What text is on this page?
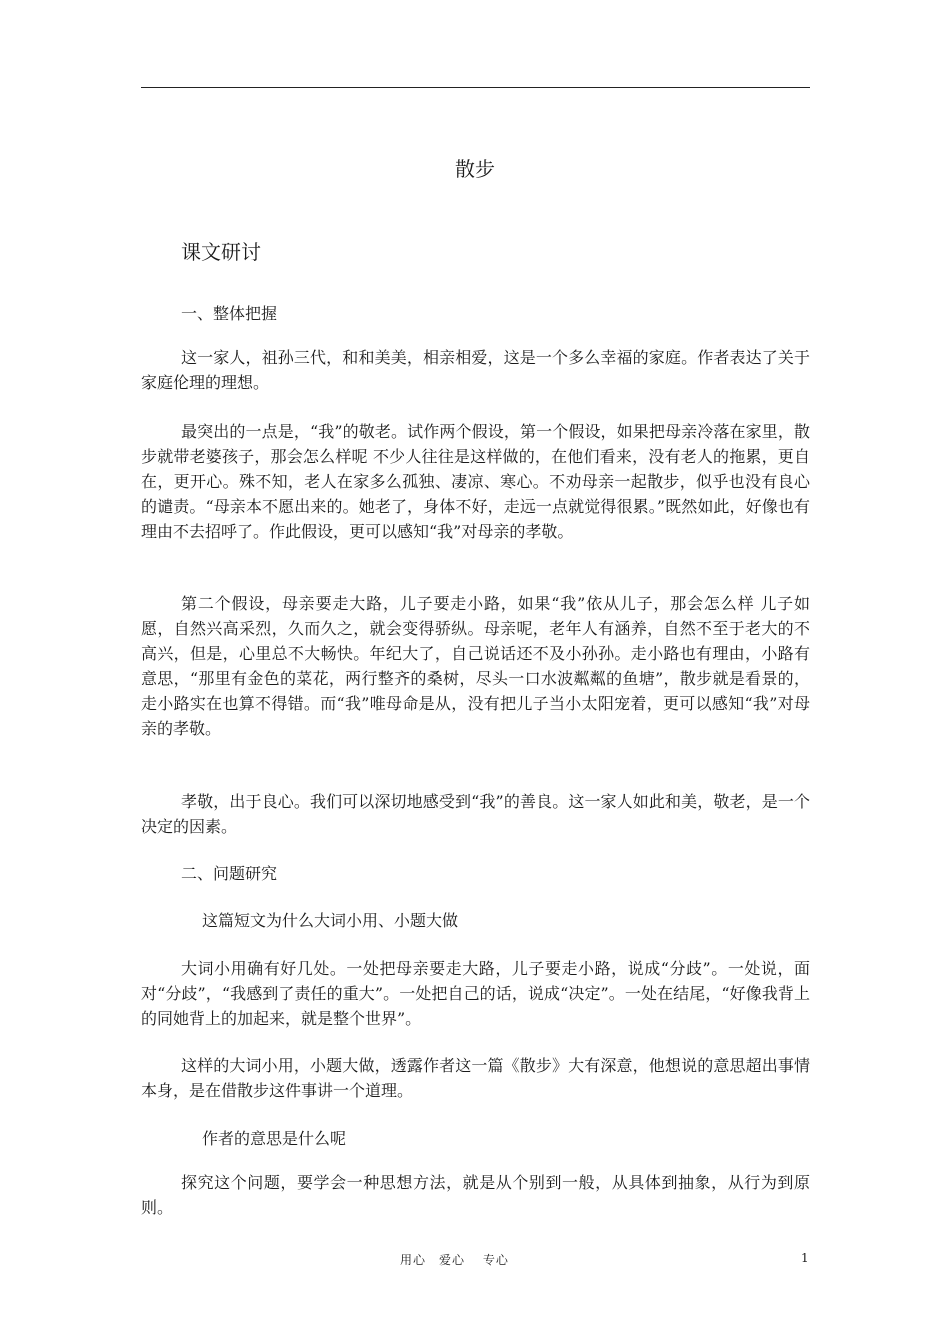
散步
课文研讨
一、整体把握

这一家人，祖孙三代，和和美美，相亲相爱，这是一个多么幸福的家庭。作者表达了关于家庭伦理的理想。

最突出的一点是，“我”的敬老。试作两个假设，第一个假设，如果把母亲冷落在家里，散步就带老婆孩子，那会怎么样呢 不少人往往是这样做的，在他们看来，没有老人的拖累，更自在，更开心。殊不知，老人在家多么孤独、凄凉、寒心。不劝母亲一起散步，似乎也没有良心的谴责。“母亲本不愿出来的。她老了，身体不好，走远一点就觉得很累。”既然如此，好像也有理由不去招呼了。作此假设，更可以感知“我”对母亲的孝敬。

第二个假设，母亲要走大路，儿子要走小路，如果“我”依从儿子，那会怎么样 儿子如愿，自然兴高采烈，久而久之，就会变得骄纵。母亲呢，老年人有涵养，自然不至于老大的不高兴，但是，心里总不大畅快。年纪大了，自己说话还不及小孙孙。走小路也有理由，小路有意思，“那里有金色的菜花，两行整齐的桑树，尽头一口水波粼粼的鱼塘”，散步就是看景的，走小路实在也算不得错。而“我”唯母命是从，没有把儿子当小太阳宠着，更可以感知“我”对母亲的孝敬。

孝敬，出于良心。我们可以深切地感受到“我”的善良。这一家人如此和美，敬老，是一个决定的因素。

二、问题研究
这篇短文为什么大词小用、小题大做

大词小用确有好几处。一处把母亲要走大路，儿子要走小路，说成“分歧”。一处说，面对“分歧”，“我感到了责任的重大”。一处把自己的话，说成“决定”。一处在结尾，“好像我背上的同她背上的加起来，就是整个世界”。

这样的大词小用，小题大做，透露作者这一篇《散步》大有深意，他想说的意思超出事情本身，是在借散步这件事讲一个道理。

作者的意思是什么呢

探究这个问题，要学会一种思想方法，就是从个别到一般，从具体到抽象，从行为到原则。

用心　爱心　 专心	1
